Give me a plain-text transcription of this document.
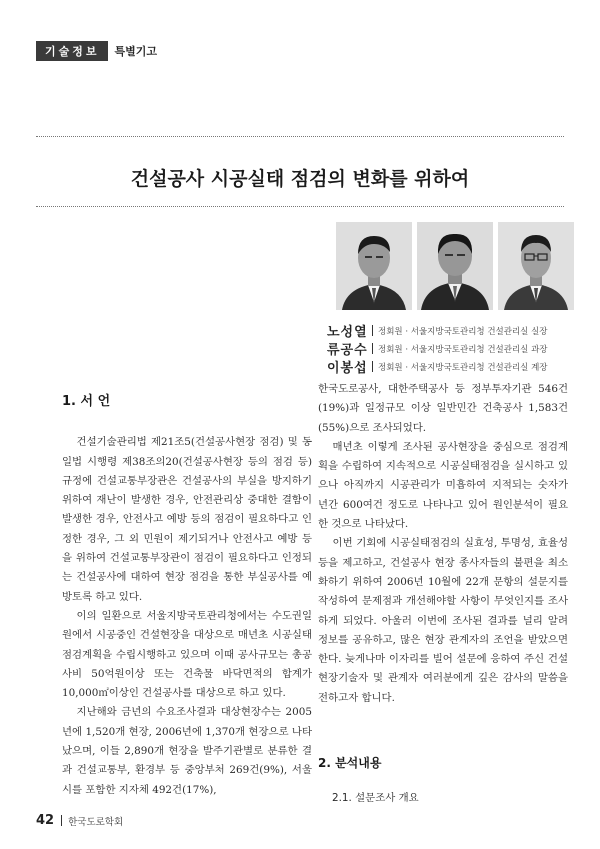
기술정보	특별기고
건설공사 시공실태 점검의 변화를 위하여
노성열 정회원 · 서울지방국토관리청 건설관리실 실장
류공수 정회원 · 서울지방국토관리청 건설관리실 과장
이봉섭 정회원 · 서울지방국토관리청 건설관리실 계장
1. 서 언

건설기술관리법 제21조5(건설공사현장 점검) 및 동일법 시행령 제38조의20(건설공사현장 등의 점검 등)규정에 건설교통부장관은 건설공사의 부실을 방지하기 위하여 재난이 발생한 경우, 안전관리상 중대한 결함이 발생한 경우, 안전사고 예방 등의 점검이 필요하다고 인정한 경우, 그 외 민원이 제기되거나 안전사고 예방 등을 위하여 건설교통부장관이 점검이 필요하다고 인정되는 건설공사에 대하여 현장 점검을 통한 부실공사를 예방토록 하고 있다.

이의 일환으로 서울지방국토관리청에서는 수도권일원에서 시공중인 건설현장을 대상으로 매년초 시공실태점검계획을 수립시행하고 있으며 이때 공사규모는 총공사비 50억원이상 또는 건축물 바닥면적의 합계가 10,000㎡이상인 건설공사를 대상으로 하고 있다.

지난해와 금년의 수요조사결과 대상현장수는 2005년에 1,520개 현장, 2006년에 1,370개 현장으로 나타났으며, 이들 2,890개 현장을 발주기관별로 분류한 결과 건설교통부, 환경부 등 중앙부처 269건(9%), 서울시를 포함한 지자체 492건(17%),

한국도로공사, 대한주택공사 등 정부투자기관 546건(19%)과 일정규모 이상 일반민간 건축공사 1,583건(55%)으로 조사되었다.

매년초 이렇게 조사된 공사현장을 중심으로 점검계획을 수립하여 지속적으로 시공실태점검을 실시하고 있으나 아직까지 시공관리가 미흡하여 지적되는 숫자가 년간 600여건 정도로 나타나고 있어 원인분석이 필요한 것으로 나타났다.

이번 기회에 시공실태점검의 실효성, 투명성, 효율성 등을 제고하고, 건설공사 현장 종사자들의 불편을 최소화하기 위하여 2006년 10월에 22개 문항의 설문지를 작성하여 문제점과 개선해야할 사항이 무엇인지를 조사하게 되었다. 아울러 이번에 조사된 결과를 널리 알려 정보를 공유하고, 많은 현장 관계자의 조언을 받았으면 한다. 늦게나마 이자리를 빌어 설문에 응하여 주신 건설현장기술자 및 관계자 여러분에게 깊은 감사의 말씀을 전하고자 합니다.

2. 분석내용
2.1. 설문조사 개요
42 한국도로학회
